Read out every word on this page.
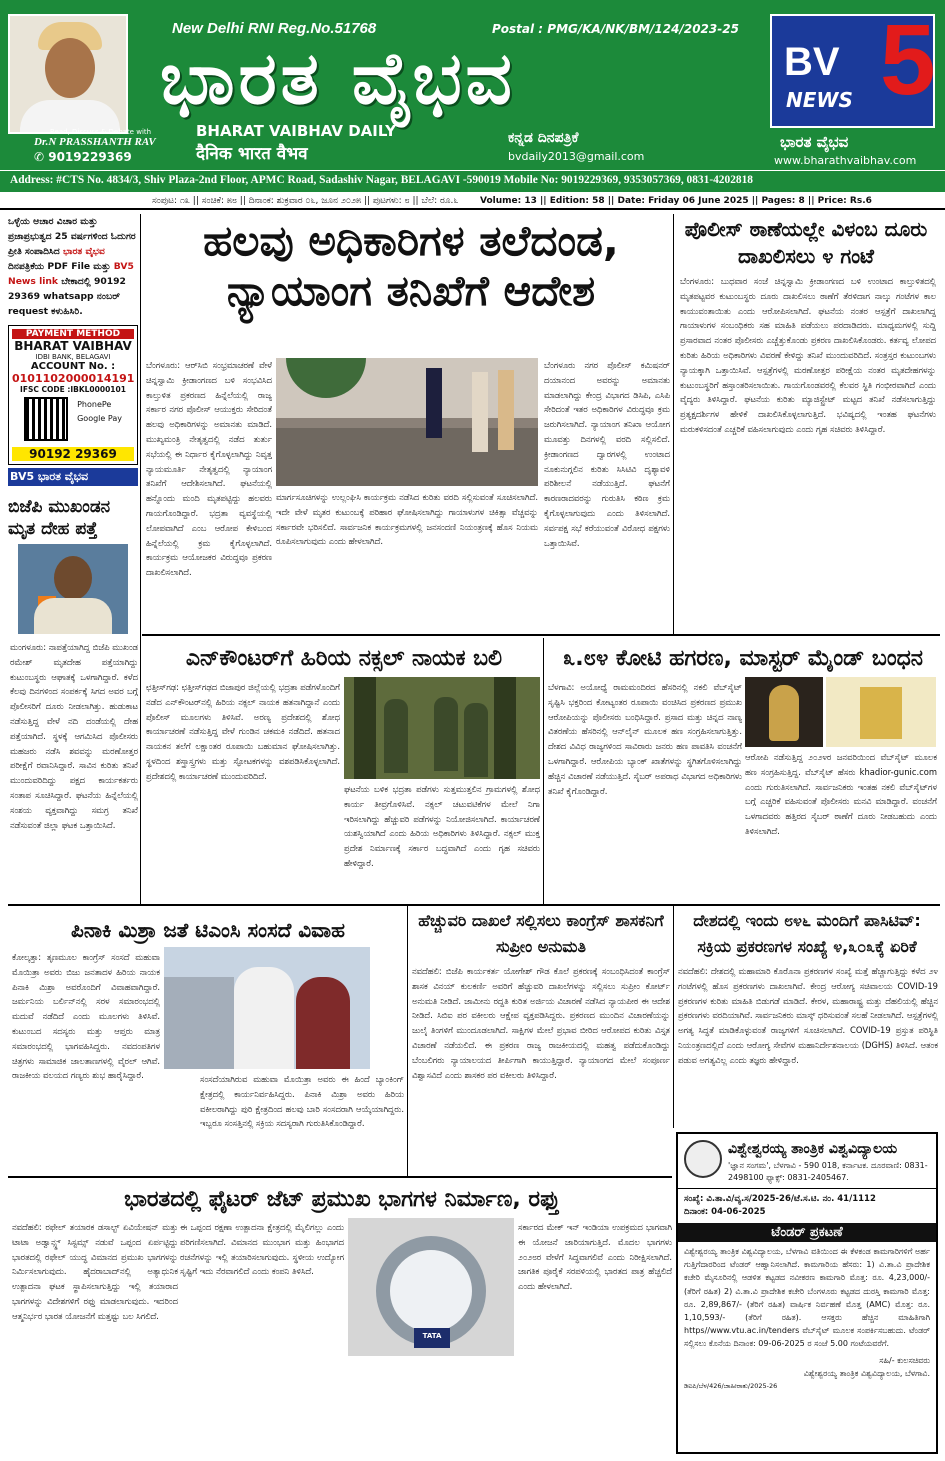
Read, Discuss & Debate with
Dr.N PRASSHANTH RAV
✆ 9019229369
New Delhi RNI Reg.No.51768	Postal : PMG/KA/NK/BM/124/2023-25
ಭಾರತ ವೈಭವ
BHARAT VAIBHAV DAILY
दैनिक भारत वैभव
ಕನ್ನಡ ದಿನಪತ್ರಿಕೆ
bvdaily2013@gmail.com
BV 5
NEWS
ಭಾರತ ವೈಭವ
www.bharathvaibhav.com
Address: #CTS No. 4834/3, Shiv Plaza-2nd Floor, APMC Road, Sadashiv Nagar, BELAGAVI -590019 Mobile No: 9019229369, 9353057369, 0831-4202818
ಸಂಪುಟ: ೧೩ || ಸಂಚಿಕೆ: ೫೮ || ದಿನಾಂಕ: ಶುಕ್ರವಾರ ೦೬, ಜೂನ ೨೦೨೫ || ಪುಟಗಳು: ೮ || ಬೆಲೆ: ರೂ.೬ Volume: 13 || Edition: 58 || Date: Friday 06 June 2025 || Pages: 8 || Price: Rs.6
ಒಳ್ಳೆಯ ಆಚಾರ ವಿಚಾರ ಮತ್ತು ಪ್ರಜಾಪ್ರಭುತ್ವದ 25 ವರ್ಷಗಳಿಂದ ಓದುಗರ ಪ್ರೀತಿ ಸಂಪಾದಿಸಿದ ಭಾರತ ವೈಭವ ದಿನಪತ್ರಿಕೆಯ PDF File ಮತ್ತು BV5 News link ಬೇಕಾದಲ್ಲಿ 90192 29369 whatsapp ನಂಬರ್ request ಕಳುಹಿಸಿರಿ.
PAYMENT METHOD
BHARAT VAIBHAV
IDBI BANK, BELAGAVI
ACCOUNT No. :
0101102000014191
IFSC CODE :IBKL0000101

PhonePe
Google Pay
90192 29369
BV5 ಭಾರತ ವೈಭವ
ಬಿಜೆಪಿ ಮುಖಂಡನ ಮೃತ ದೇಹ ಪತ್ತೆ
ಮಂಗಳೂರು: ನಾಪತ್ತೆಯಾಗಿದ್ದ ಬಿಜೆಪಿ ಮುಖಂಡ ರಮೇಶ್ ಮೃತದೇಹ ಪತ್ತೆಯಾಗಿದ್ದು ಕುಟುಂಬಸ್ಥರು ಆಘಾತಕ್ಕೆ ಒಳಗಾಗಿದ್ದಾರೆ. ಕಳೆದ ಕೆಲವು ದಿನಗಳಿಂದ ಸಂಪರ್ಕಕ್ಕೆ ಸಿಗದ ಅವರ ಬಗ್ಗೆ ಪೊಲೀಸರಿಗೆ ದೂರು ನೀಡಲಾಗಿತ್ತು. ಹುಡುಕಾಟ ನಡೆಸುತ್ತಿದ್ದ ವೇಳೆ ನದಿ ದಂಡೆಯಲ್ಲಿ ದೇಹ ಪತ್ತೆಯಾಗಿದೆ. ಸ್ಥಳಕ್ಕೆ ಆಗಮಿಸಿದ ಪೊಲೀಸರು ಮಹಜರು ನಡೆಸಿ ಶವವನ್ನು ಮರಣೋತ್ತರ ಪರೀಕ್ಷೆಗೆ ರವಾನಿಸಿದ್ದಾರೆ. ಸಾವಿನ ಕುರಿತು ತನಿಖೆ ಮುಂದುವರಿದಿದ್ದು ಪಕ್ಷದ ಕಾರ್ಯಕರ್ತರು ಸಂತಾಪ ಸೂಚಿಸಿದ್ದಾರೆ. ಘಟನೆಯ ಹಿನ್ನೆಲೆಯಲ್ಲಿ ಸಂಶಯ ವ್ಯಕ್ತವಾಗಿದ್ದು ಸಮಗ್ರ ತನಿಖೆ ನಡೆಸುವಂತೆ ಜಿಲ್ಲಾ ಘಟಕ ಒತ್ತಾಯಿಸಿದೆ.
ಹಲವು ಅಧಿಕಾರಿಗಳ ತಲೆದಂಡ, ನ್ಯಾಯಾಂಗ ತನಿಖೆಗೆ ಆದೇಶ
ಬೆಂಗಳೂರು: ಆರ್‌ಸಿಬಿ ಸಂಭ್ರಮಾಚರಣೆ ವೇಳೆ ಚಿನ್ನಸ್ವಾಮಿ ಕ್ರೀಡಾಂಗಣದ ಬಳಿ ಸಂಭವಿಸಿದ ಕಾಲ್ತುಳಿತ ಪ್ರಕರಣದ ಹಿನ್ನೆಲೆಯಲ್ಲಿ ರಾಜ್ಯ ಸರ್ಕಾರ ನಗರ ಪೊಲೀಸ್ ಆಯುಕ್ತರು ಸೇರಿದಂತೆ ಹಲವು ಅಧಿಕಾರಿಗಳನ್ನು ಅಮಾನತು ಮಾಡಿದೆ. ಮುಖ್ಯಮಂತ್ರಿ ನೇತೃತ್ವದಲ್ಲಿ ನಡೆದ ತುರ್ತು ಸಭೆಯಲ್ಲಿ ಈ ನಿರ್ಧಾರ ಕೈಗೊಳ್ಳಲಾಗಿದ್ದು ನಿವೃತ್ತ ನ್ಯಾಯಮೂರ್ತಿ ನೇತೃತ್ವದಲ್ಲಿ ನ್ಯಾಯಾಂಗ ತನಿಖೆಗೆ ಆದೇಶಿಸಲಾಗಿದೆ. ಘಟನೆಯಲ್ಲಿ ಹನ್ನೊಂದು ಮಂದಿ ಮೃತಪಟ್ಟಿದ್ದು ಹಲವರು ಗಾಯಗೊಂಡಿದ್ದಾರೆ. ಭದ್ರತಾ ವ್ಯವಸ್ಥೆಯಲ್ಲಿ ಲೋಪವಾಗಿದೆ ಎಂಬ ಆರೋಪ ಕೇಳಿಬಂದ ಹಿನ್ನೆಲೆಯಲ್ಲಿ ಕ್ರಮ ಕೈಗೊಳ್ಳಲಾಗಿದೆ. ಕಾರ್ಯಕ್ರಮ ಆಯೋಜಕರ ವಿರುದ್ಧವೂ ಪ್ರಕರಣ ದಾಖಲಿಸಲಾಗಿದೆ.
ಮಾರ್ಗಸೂಚಿಗಳನ್ನು ಉಲ್ಲಂಘಿಸಿ ಕಾರ್ಯಕ್ರಮ ನಡೆಸಿದ ಕುರಿತು ವರದಿ ಸಲ್ಲಿಸುವಂತೆ ಸೂಚಿಸಲಾಗಿದೆ. ಇದೇ ವೇಳೆ ಮೃತರ ಕುಟುಂಬಕ್ಕೆ ಪರಿಹಾರ ಘೋಷಿಸಲಾಗಿದ್ದು ಗಾಯಾಳುಗಳ ಚಿಕಿತ್ಸಾ ವೆಚ್ಚವನ್ನು ಸರ್ಕಾರವೇ ಭರಿಸಲಿದೆ. ಸಾರ್ವಜನಿಕ ಕಾರ್ಯಕ್ರಮಗಳಲ್ಲಿ ಜನಸಂದಣಿ ನಿಯಂತ್ರಣಕ್ಕೆ ಹೊಸ ನಿಯಮ ರೂಪಿಸಲಾಗುವುದು ಎಂದು ಹೇಳಲಾಗಿದೆ.
ಬೆಂಗಳೂರು ನಗರ ಪೊಲೀಸ್ ಕಮಿಷನರ್ ದಯಾನಂದ ಅವರನ್ನು ಅಮಾನತು ಮಾಡಲಾಗಿದ್ದು ಕೇಂದ್ರ ವಿಭಾಗದ ಡಿಸಿಪಿ, ಎಸಿಪಿ ಸೇರಿದಂತೆ ಇತರ ಅಧಿಕಾರಿಗಳ ವಿರುದ್ಧವೂ ಕ್ರಮ ಜರುಗಿಸಲಾಗಿದೆ. ನ್ಯಾಯಾಂಗ ತನಿಖಾ ಆಯೋಗ ಮೂವತ್ತು ದಿನಗಳಲ್ಲಿ ವರದಿ ಸಲ್ಲಿಸಲಿದೆ. ಕ್ರೀಡಾಂಗಣದ ದ್ವಾರಗಳಲ್ಲಿ ಉಂಟಾದ ನೂಕುನುಗ್ಗಲಿನ ಕುರಿತು ಸಿಸಿಟಿವಿ ದೃಶ್ಯಾವಳಿ ಪರಿಶೀಲನೆ ನಡೆಯುತ್ತಿದೆ. ಘಟನೆಗೆ ಕಾರಣರಾದವರನ್ನು ಗುರುತಿಸಿ ಕಠಿಣ ಕ್ರಮ ಕೈಗೊಳ್ಳಲಾಗುವುದು ಎಂದು ತಿಳಿಸಲಾಗಿದೆ. ಸರ್ವಪಕ್ಷ ಸಭೆ ಕರೆಯುವಂತೆ ವಿರೋಧ ಪಕ್ಷಗಳು ಒತ್ತಾಯಿಸಿವೆ.
ಪೊಲೀಸ್ ಠಾಣೆಯಲ್ಲೇ ವಿಳಂಬ ದೂರು ದಾಖಲಿಸಲು ೪ ಗಂಟೆ
ಬೆಂಗಳೂರು: ಬುಧವಾರ ಸಂಜೆ ಚಿನ್ನಸ್ವಾಮಿ ಕ್ರೀಡಾಂಗಣದ ಬಳಿ ಉಂಟಾದ ಕಾಲ್ತುಳಿತದಲ್ಲಿ ಮೃತಪಟ್ಟವರ ಕುಟುಂಬಸ್ಥರು ದೂರು ದಾಖಲಿಸಲು ಠಾಣೆಗೆ ತೆರಳಿದಾಗ ನಾಲ್ಕು ಗಂಟೆಗಳ ಕಾಲ ಕಾಯುವಂತಾಯಿತು ಎಂದು ಆರೋಪಿಸಲಾಗಿದೆ. ಘಟನೆಯ ನಂತರ ಆಸ್ಪತ್ರೆಗೆ ದಾಖಲಾಗಿದ್ದ ಗಾಯಾಳುಗಳ ಸಂಬಂಧಿಕರು ಸಹ ಮಾಹಿತಿ ಪಡೆಯಲು ಪರದಾಡಿದರು. ಮಾಧ್ಯಮಗಳಲ್ಲಿ ಸುದ್ದಿ ಪ್ರಸಾರವಾದ ನಂತರ ಪೊಲೀಸರು ಎಚ್ಚೆತ್ತುಕೊಂಡು ಪ್ರಕರಣ ದಾಖಲಿಸಿಕೊಂಡರು. ಕರ್ತವ್ಯ ಲೋಪದ ಕುರಿತು ಹಿರಿಯ ಅಧಿಕಾರಿಗಳು ವಿವರಣೆ ಕೇಳಿದ್ದು ತನಿಖೆ ಮುಂದುವರಿದಿದೆ. ಸಂತ್ರಸ್ತರ ಕುಟುಂಬಗಳು ನ್ಯಾಯಕ್ಕಾಗಿ ಒತ್ತಾಯಿಸಿವೆ. ಆಸ್ಪತ್ರೆಗಳಲ್ಲಿ ಮರಣೋತ್ತರ ಪರೀಕ್ಷೆಯ ನಂತರ ಮೃತದೇಹಗಳನ್ನು ಕುಟುಂಬಸ್ಥರಿಗೆ ಹಸ್ತಾಂತರಿಸಲಾಯಿತು. ಗಾಯಗೊಂಡವರಲ್ಲಿ ಕೆಲವರ ಸ್ಥಿತಿ ಗಂಭೀರವಾಗಿದೆ ಎಂದು ವೈದ್ಯರು ತಿಳಿಸಿದ್ದಾರೆ. ಘಟನೆಯ ಕುರಿತು ಮ್ಯಾಜಿಸ್ಟ್ರೇಟ್ ಮಟ್ಟದ ತನಿಖೆ ನಡೆಸಲಾಗುತ್ತಿದ್ದು ಪ್ರತ್ಯಕ್ಷದರ್ಶಿಗಳ ಹೇಳಿಕೆ ದಾಖಲಿಸಿಕೊಳ್ಳಲಾಗುತ್ತಿದೆ. ಭವಿಷ್ಯದಲ್ಲಿ ಇಂತಹ ಘಟನೆಗಳು ಮರುಕಳಿಸದಂತೆ ಎಚ್ಚರಿಕೆ ವಹಿಸಲಾಗುವುದು ಎಂದು ಗೃಹ ಸಚಿವರು ತಿಳಿಸಿದ್ದಾರೆ.
ಎನ್‌ಕೌಂಟರ್‌ಗೆ ಹಿರಿಯ ನಕ್ಸಲ್ ನಾಯಕ ಬಲಿ
ಛತ್ತೀಸ್‌ಗಢ: ಛತ್ತೀಸ್‌ಗಢದ ಬಿಜಾಪುರ ಜಿಲ್ಲೆಯಲ್ಲಿ ಭದ್ರತಾ ಪಡೆಗಳೊಂದಿಗೆ ನಡೆದ ಎನ್‌ಕೌಂಟರ್‌ನಲ್ಲಿ ಹಿರಿಯ ನಕ್ಸಲ್ ನಾಯಕ ಹತನಾಗಿದ್ದಾನೆ ಎಂದು ಪೊಲೀಸ್ ಮೂಲಗಳು ತಿಳಿಸಿವೆ. ಅರಣ್ಯ ಪ್ರದೇಶದಲ್ಲಿ ಶೋಧ ಕಾರ್ಯಾಚರಣೆ ನಡೆಸುತ್ತಿದ್ದ ವೇಳೆ ಗುಂಡಿನ ಚಕಮಕಿ ನಡೆದಿದೆ. ಹತನಾದ ನಾಯಕನ ತಲೆಗೆ ಲಕ್ಷಾಂತರ ರೂಪಾಯಿ ಬಹುಮಾನ ಘೋಷಿಸಲಾಗಿತ್ತು. ಸ್ಥಳದಿಂದ ಶಸ್ತ್ರಾಸ್ತ್ರಗಳು ಮತ್ತು ಸ್ಫೋಟಕಗಳನ್ನು ವಶಪಡಿಸಿಕೊಳ್ಳಲಾಗಿದೆ. ಪ್ರದೇಶದಲ್ಲಿ ಕಾರ್ಯಾಚರಣೆ ಮುಂದುವರಿದಿದೆ.
ಘಟನೆಯ ಬಳಿಕ ಭದ್ರತಾ ಪಡೆಗಳು ಸುತ್ತಮುತ್ತಲಿನ ಗ್ರಾಮಗಳಲ್ಲಿ ಶೋಧ ಕಾರ್ಯ ತೀವ್ರಗೊಳಿಸಿವೆ. ನಕ್ಸಲ್ ಚಟುವಟಿಕೆಗಳ ಮೇಲೆ ನಿಗಾ ಇರಿಸಲಾಗಿದ್ದು ಹೆಚ್ಚುವರಿ ಪಡೆಗಳನ್ನು ನಿಯೋಜಿಸಲಾಗಿದೆ. ಕಾರ್ಯಾಚರಣೆ ಯಶಸ್ವಿಯಾಗಿದೆ ಎಂದು ಹಿರಿಯ ಅಧಿಕಾರಿಗಳು ತಿಳಿಸಿದ್ದಾರೆ. ನಕ್ಸಲ್ ಮುಕ್ತ ಪ್ರದೇಶ ನಿರ್ಮಾಣಕ್ಕೆ ಸರ್ಕಾರ ಬದ್ಧವಾಗಿದೆ ಎಂದು ಗೃಹ ಸಚಿವರು ಹೇಳಿದ್ದಾರೆ.
೩.೮೪ ಕೋಟಿ ಹಗರಣ, ಮಾಸ್ಟರ್ ಮೈಂಡ್ ಬಂಧನ
ಬೆಳಗಾವಿ: ಅಯೋಧ್ಯೆ ರಾಮಮಂದಿರದ ಹೆಸರಿನಲ್ಲಿ ನಕಲಿ ವೆಬ್‌ಸೈಟ್ ಸೃಷ್ಟಿಸಿ ಭಕ್ತರಿಂದ ಕೋಟ್ಯಂತರ ರೂಪಾಯಿ ವಂಚಿಸಿದ ಪ್ರಕರಣದ ಪ್ರಮುಖ ಆರೋಪಿಯನ್ನು ಪೊಲೀಸರು ಬಂಧಿಸಿದ್ದಾರೆ. ಪ್ರಸಾದ ಮತ್ತು ಚಿನ್ನದ ನಾಣ್ಯ ವಿತರಣೆಯ ಹೆಸರಿನಲ್ಲಿ ಆನ್‌ಲೈನ್ ಮೂಲಕ ಹಣ ಸಂಗ್ರಹಿಸಲಾಗುತ್ತಿತ್ತು. ದೇಶದ ವಿವಿಧ ರಾಜ್ಯಗಳಿಂದ ಸಾವಿರಾರು ಜನರು ಹಣ ಪಾವತಿಸಿ ವಂಚನೆಗೆ ಒಳಗಾಗಿದ್ದಾರೆ. ಆರೋಪಿಯ ಬ್ಯಾಂಕ್ ಖಾತೆಗಳನ್ನು ಸ್ಥಗಿತಗೊಳಿಸಲಾಗಿದ್ದು ಹೆಚ್ಚಿನ ವಿಚಾರಣೆ ನಡೆಯುತ್ತಿದೆ. ಸೈಬರ್ ಅಪರಾಧ ವಿಭಾಗದ ಅಧಿಕಾರಿಗಳು ತನಿಖೆ ಕೈಗೊಂಡಿದ್ದಾರೆ.
ಆರೋಪಿ ನಡೆಸುತ್ತಿದ್ದ ೨೦೨೪ರ ಜನವರಿಯಿಂದ ವೆಬ್‌ಸೈಟ್ ಮೂಲಕ ಹಣ ಸಂಗ್ರಹಿಸುತ್ತಿದ್ದ. ವೆಬ್‌ಸೈಟ್ ಹೆಸರು khadior-gunic.com ಎಂದು ಗುರುತಿಸಲಾಗಿದೆ. ಸಾರ್ವಜನಿಕರು ಇಂತಹ ನಕಲಿ ವೆಬ್‌ಸೈಟ್‌ಗಳ ಬಗ್ಗೆ ಎಚ್ಚರಿಕೆ ವಹಿಸುವಂತೆ ಪೊಲೀಸರು ಮನವಿ ಮಾಡಿದ್ದಾರೆ. ವಂಚನೆಗೆ ಒಳಗಾದವರು ಹತ್ತಿರದ ಸೈಬರ್ ಠಾಣೆಗೆ ದೂರು ನೀಡಬಹುದು ಎಂದು ತಿಳಿಸಲಾಗಿದೆ.
ಪಿನಾಕಿ ಮಿಶ್ರಾ ಜತೆ ಟಿಎಂಸಿ ಸಂಸದೆ ವಿವಾಹ
ಕೋಲ್ಕತ್ತಾ: ತೃಣಮೂಲ ಕಾಂಗ್ರೆಸ್ ಸಂಸದೆ ಮಹುವಾ ಮೊಯಿತ್ರಾ ಅವರು ಬಿಜು ಜನತಾದಳ ಹಿರಿಯ ನಾಯಕ ಪಿನಾಕಿ ಮಿಶ್ರಾ ಅವರೊಂದಿಗೆ ವಿವಾಹವಾಗಿದ್ದಾರೆ. ಜರ್ಮನಿಯ ಬರ್ಲಿನ್‌ನಲ್ಲಿ ಸರಳ ಸಮಾರಂಭದಲ್ಲಿ ಮದುವೆ ನಡೆದಿದೆ ಎಂದು ಮೂಲಗಳು ತಿಳಿಸಿವೆ. ಕುಟುಂಬದ ಸದಸ್ಯರು ಮತ್ತು ಆಪ್ತರು ಮಾತ್ರ ಸಮಾರಂಭದಲ್ಲಿ ಭಾಗವಹಿಸಿದ್ದರು. ನವದಂಪತಿಗಳ ಚಿತ್ರಗಳು ಸಾಮಾಜಿಕ ಜಾಲತಾಣಗಳಲ್ಲಿ ವೈರಲ್ ಆಗಿವೆ. ರಾಜಕೀಯ ವಲಯದ ಗಣ್ಯರು ಶುಭ ಹಾರೈಸಿದ್ದಾರೆ.	ಸಂಸದೆಯಾಗಿರುವ ಮಹುವಾ ಮೊಯಿತ್ರಾ ಅವರು ಈ ಹಿಂದೆ ಬ್ಯಾಂಕಿಂಗ್ ಕ್ಷೇತ್ರದಲ್ಲಿ ಕಾರ್ಯನಿರ್ವಹಿಸಿದ್ದರು. ಪಿನಾಕಿ ಮಿಶ್ರಾ ಅವರು ಹಿರಿಯ ವಕೀಲರಾಗಿದ್ದು ಪುರಿ ಕ್ಷೇತ್ರದಿಂದ ಹಲವು ಬಾರಿ ಸಂಸದರಾಗಿ ಆಯ್ಕೆಯಾಗಿದ್ದರು. ಇಬ್ಬರೂ ಸಂಸತ್ತಿನಲ್ಲಿ ಸಕ್ರಿಯ ಸದಸ್ಯರಾಗಿ ಗುರುತಿಸಿಕೊಂಡಿದ್ದಾರೆ.
ಹೆಚ್ಚುವರಿ ದಾಖಲೆ ಸಲ್ಲಿಸಲು ಕಾಂಗ್ರೆಸ್ ಶಾಸಕನಿಗೆ ಸುಪ್ರೀಂ ಅನುಮತಿ
ನವದೆಹಲಿ: ಬಿಜೆಪಿ ಕಾರ್ಯಕರ್ತ ಯೋಗೇಶ್ ಗೌಡ ಕೊಲೆ ಪ್ರಕರಣಕ್ಕೆ ಸಂಬಂಧಿಸಿದಂತೆ ಕಾಂಗ್ರೆಸ್ ಶಾಸಕ ವಿನಯ್ ಕುಲಕರ್ಣಿ ಅವರಿಗೆ ಹೆಚ್ಚುವರಿ ದಾಖಲೆಗಳನ್ನು ಸಲ್ಲಿಸಲು ಸುಪ್ರೀಂ ಕೋರ್ಟ್ ಅನುಮತಿ ನೀಡಿದೆ. ಜಾಮೀನು ರದ್ದತಿ ಕುರಿತ ಅರ್ಜಿಯ ವಿಚಾರಣೆ ನಡೆಸಿದ ನ್ಯಾಯಪೀಠ ಈ ಆದೇಶ ನೀಡಿದೆ. ಸಿಬಿಐ ಪರ ವಕೀಲರು ಆಕ್ಷೇಪ ವ್ಯಕ್ತಪಡಿಸಿದ್ದರು. ಪ್ರಕರಣದ ಮುಂದಿನ ವಿಚಾರಣೆಯನ್ನು ಜುಲೈ ತಿಂಗಳಿಗೆ ಮುಂದೂಡಲಾಗಿದೆ. ಸಾಕ್ಷಿಗಳ ಮೇಲೆ ಪ್ರಭಾವ ಬೀರಿದ ಆರೋಪದ ಕುರಿತು ವಿಸ್ತೃತ ವಿಚಾರಣೆ ನಡೆಯಲಿದೆ. ಈ ಪ್ರಕರಣ ರಾಜ್ಯ ರಾಜಕೀಯದಲ್ಲಿ ಮಹತ್ವ ಪಡೆದುಕೊಂಡಿದ್ದು ಬೆಂಬಲಿಗರು ನ್ಯಾಯಾಲಯದ ತೀರ್ಪಿಗಾಗಿ ಕಾಯುತ್ತಿದ್ದಾರೆ. ನ್ಯಾಯಾಂಗದ ಮೇಲೆ ಸಂಪೂರ್ಣ ವಿಶ್ವಾಸವಿದೆ ಎಂದು ಶಾಸಕರ ಪರ ವಕೀಲರು ತಿಳಿಸಿದ್ದಾರೆ.
ದೇಶದಲ್ಲಿ ಇಂದು ೮೪೬ ಮಂದಿಗೆ ಪಾಸಿಟಿವ್: ಸಕ್ರಿಯ ಪ್ರಕರಣಗಳ ಸಂಖ್ಯೆ ೪,೩೦೩ಕ್ಕೆ ಏರಿಕೆ
ನವದೆಹಲಿ: ದೇಶದಲ್ಲಿ ಮಹಾಮಾರಿ ಕೊರೊನಾ ಪ್ರಕರಣಗಳ ಸಂಖ್ಯೆ ಮತ್ತೆ ಹೆಚ್ಚಾಗುತ್ತಿದ್ದು ಕಳೆದ ೨೪ ಗಂಟೆಗಳಲ್ಲಿ ಹೊಸ ಪ್ರಕರಣಗಳು ದಾಖಲಾಗಿವೆ. ಕೇಂದ್ರ ಆರೋಗ್ಯ ಸಚಿವಾಲಯ COVID-19 ಪ್ರಕರಣಗಳ ಕುರಿತು ಮಾಹಿತಿ ಬಿಡುಗಡೆ ಮಾಡಿದೆ. ಕೇರಳ, ಮಹಾರಾಷ್ಟ್ರ ಮತ್ತು ದೆಹಲಿಯಲ್ಲಿ ಹೆಚ್ಚಿನ ಪ್ರಕರಣಗಳು ವರದಿಯಾಗಿವೆ. ಸಾರ್ವಜನಿಕರು ಮಾಸ್ಕ್ ಧರಿಸುವಂತೆ ಸಲಹೆ ನೀಡಲಾಗಿದೆ. ಆಸ್ಪತ್ರೆಗಳಲ್ಲಿ ಅಗತ್ಯ ಸಿದ್ಧತೆ ಮಾಡಿಕೊಳ್ಳುವಂತೆ ರಾಜ್ಯಗಳಿಗೆ ಸೂಚಿಸಲಾಗಿದೆ. COVID-19 ಪ್ರಸ್ತುತ ಪರಿಸ್ಥಿತಿ ನಿಯಂತ್ರಣದಲ್ಲಿದೆ ಎಂದು ಆರೋಗ್ಯ ಸೇವೆಗಳ ಮಹಾನಿರ್ದೇಶನಾಲಯ (DGHS) ತಿಳಿಸಿದೆ. ಆತಂಕ ಪಡುವ ಅಗತ್ಯವಿಲ್ಲ ಎಂದು ತಜ್ಞರು ಹೇಳಿದ್ದಾರೆ.
ಭಾರತದಲ್ಲಿ ಫೈಟರ್ ಜೆಟ್ ಪ್ರಮುಖ ಭಾಗಗಳ ನಿರ್ಮಾಣ, ರಫ್ತು
ನವದೆಹಲಿ: ರಫೇಲ್ ತಯಾರಕ ಡಸಾಲ್ಟ್ ಏವಿಯೇಷನ್ ಮತ್ತು ಟಾಟಾ ಅಡ್ವಾನ್ಸ್ಡ್ ಸಿಸ್ಟಮ್ಸ್ ನಡುವೆ ಒಪ್ಪಂದ ಏರ್ಪಟ್ಟಿದ್ದು ಭಾರತದಲ್ಲಿ ರಫೇಲ್ ಯುದ್ಧ ವಿಮಾನದ ಪ್ರಮುಖ ಭಾಗಗಳನ್ನು ನಿರ್ಮಿಸಲಾಗುವುದು. ಹೈದರಾಬಾದ್‌ನಲ್ಲಿ ಅತ್ಯಾಧುನಿಕ ಉತ್ಪಾದನಾ ಘಟಕ ಸ್ಥಾಪಿಸಲಾಗುತ್ತಿದ್ದು ಇಲ್ಲಿ ತಯಾರಾದ ಭಾಗಗಳನ್ನು ವಿದೇಶಗಳಿಗೆ ರಫ್ತು ಮಾಡಲಾಗುವುದು. ಇದರಿಂದ ಆತ್ಮನಿರ್ಭರ ಭಾರತ ಯೋಜನೆಗೆ ಮತ್ತಷ್ಟು ಬಲ ಸಿಗಲಿದೆ.
ಈ ಒಪ್ಪಂದ ರಕ್ಷಣಾ ಉತ್ಪಾದನಾ ಕ್ಷೇತ್ರದಲ್ಲಿ ಮೈಲಿಗಲ್ಲು ಎಂದು ಪರಿಗಣಿಸಲಾಗಿದೆ. ವಿಮಾನದ ಮುಂಭಾಗ ಮತ್ತು ಹಿಂಭಾಗದ ರಚನೆಗಳನ್ನು ಇಲ್ಲಿ ತಯಾರಿಸಲಾಗುವುದು. ಸ್ಥಳೀಯ ಉದ್ಯೋಗ ಸೃಷ್ಟಿಗೆ ಇದು ನೆರವಾಗಲಿದೆ ಎಂದು ಕಂಪನಿ ತಿಳಿಸಿದೆ.
TATA
ಸರ್ಕಾರದ ಮೇಕ್ ಇನ್ ಇಂಡಿಯಾ ಉಪಕ್ರಮದ ಭಾಗವಾಗಿ ಈ ಯೋಜನೆ ಜಾರಿಯಾಗುತ್ತಿದೆ. ಮೊದಲ ಭಾಗಗಳು ೨೦೨೮ರ ವೇಳೆಗೆ ಸಿದ್ಧವಾಗಲಿವೆ ಎಂದು ನಿರೀಕ್ಷಿಸಲಾಗಿದೆ. ಜಾಗತಿಕ ಪೂರೈಕೆ ಸರಪಳಿಯಲ್ಲಿ ಭಾರತದ ಪಾತ್ರ ಹೆಚ್ಚಲಿದೆ ಎಂದು ಹೇಳಲಾಗಿದೆ.
ವಿಶ್ವೇಶ್ವರಯ್ಯ ತಾಂತ್ರಿಕ ವಿಶ್ವವಿದ್ಯಾಲಯ
'ಜ್ಞಾನ ಸಂಗಮ', ಬೆಳಗಾವಿ - 590 018, ಕರ್ನಾಟಕ. ದೂರವಾಣಿ: 0831-2498100 ಫ್ಯಾಕ್ಸ್: 0831-2405467.
ಸಂಖ್ಯೆ: ವಿ.ತಾ.ವಿ/ವ್ಯ.ಸ/2025-26/ಟೆ.ಸ.ಟಿ. ನಂ. 41/1112
ದಿನಾಂಕ: 04-06-2025
ಟೆಂಡರ್ ಪ್ರಕಟಣೆ
ವಿಶ್ವೇಶ್ವರಯ್ಯ ತಾಂತ್ರಿಕ ವಿಶ್ವವಿದ್ಯಾಲಯ, ಬೆಳಗಾವಿ ವತಿಯಿಂದ ಈ ಕೆಳಕಂಡ ಕಾಮಗಾರಿಗಳಿಗೆ ಅರ್ಹ ಗುತ್ತಿಗೆದಾರರಿಂದ ಟೆಂಡರ್ ಆಹ್ವಾನಿಸಲಾಗಿದೆ. ಕಾಮಗಾರಿಯ ಹೆಸರು: 1) ವಿ.ತಾ.ವಿ ಪ್ರಾದೇಶಿಕ ಕಚೇರಿ ಮೈಸೂರಿನಲ್ಲಿ ಆಡಳಿತ ಕಟ್ಟಡದ ನವೀಕರಣ ಕಾಮಗಾರಿ ಮೊತ್ತ: ರೂ. 4,23,000/- (ತೆರಿಗೆ ರಹಿತ) 2) ವಿ.ತಾ.ವಿ ಪ್ರಾದೇಶಿಕ ಕಚೇರಿ ಬೆಂಗಳೂರು ಕಟ್ಟಡದ ದುರಸ್ತಿ ಕಾಮಗಾರಿ ಮೊತ್ತ: ರೂ. 2,89,867/- (ತೆರಿಗೆ ರಹಿತ) ವಾರ್ಷಿಕ ನಿರ್ವಹಣೆ ಮೊತ್ತ (AMC) ಮೊತ್ತ: ರೂ. 1,10,593/- (ತೆರಿಗೆ ರಹಿತ). ಆಸಕ್ತರು ಹೆಚ್ಚಿನ ಮಾಹಿತಿಗಾಗಿ https//www.vtu.ac.in/tenders ವೆಬ್‌ಸೈಟ್ ಮೂಲಕ ಸಂಪರ್ಕಿಸಬಹುದು. ಟೆಂಡರ್ ಸಲ್ಲಿಸಲು ಕೊನೆಯ ದಿನಾಂಕ: 09-06-2025 ರ ಸಂಜೆ 5.00 ಗಂಟೆಯವರೆಗೆ.
ಸಹಿ/- ಕುಲಸಚಿವರು
ವಿಶ್ವೇಶ್ವರಯ್ಯ ತಾಂತ್ರಿಕ ವಿಶ್ವವಿದ್ಯಾಲಯ, ಬೆಳಗಾವಿ.
ಡಿಐಪಿ/ಬೆಳ/426/ಜಾಹೀರಾತು/2025-26
